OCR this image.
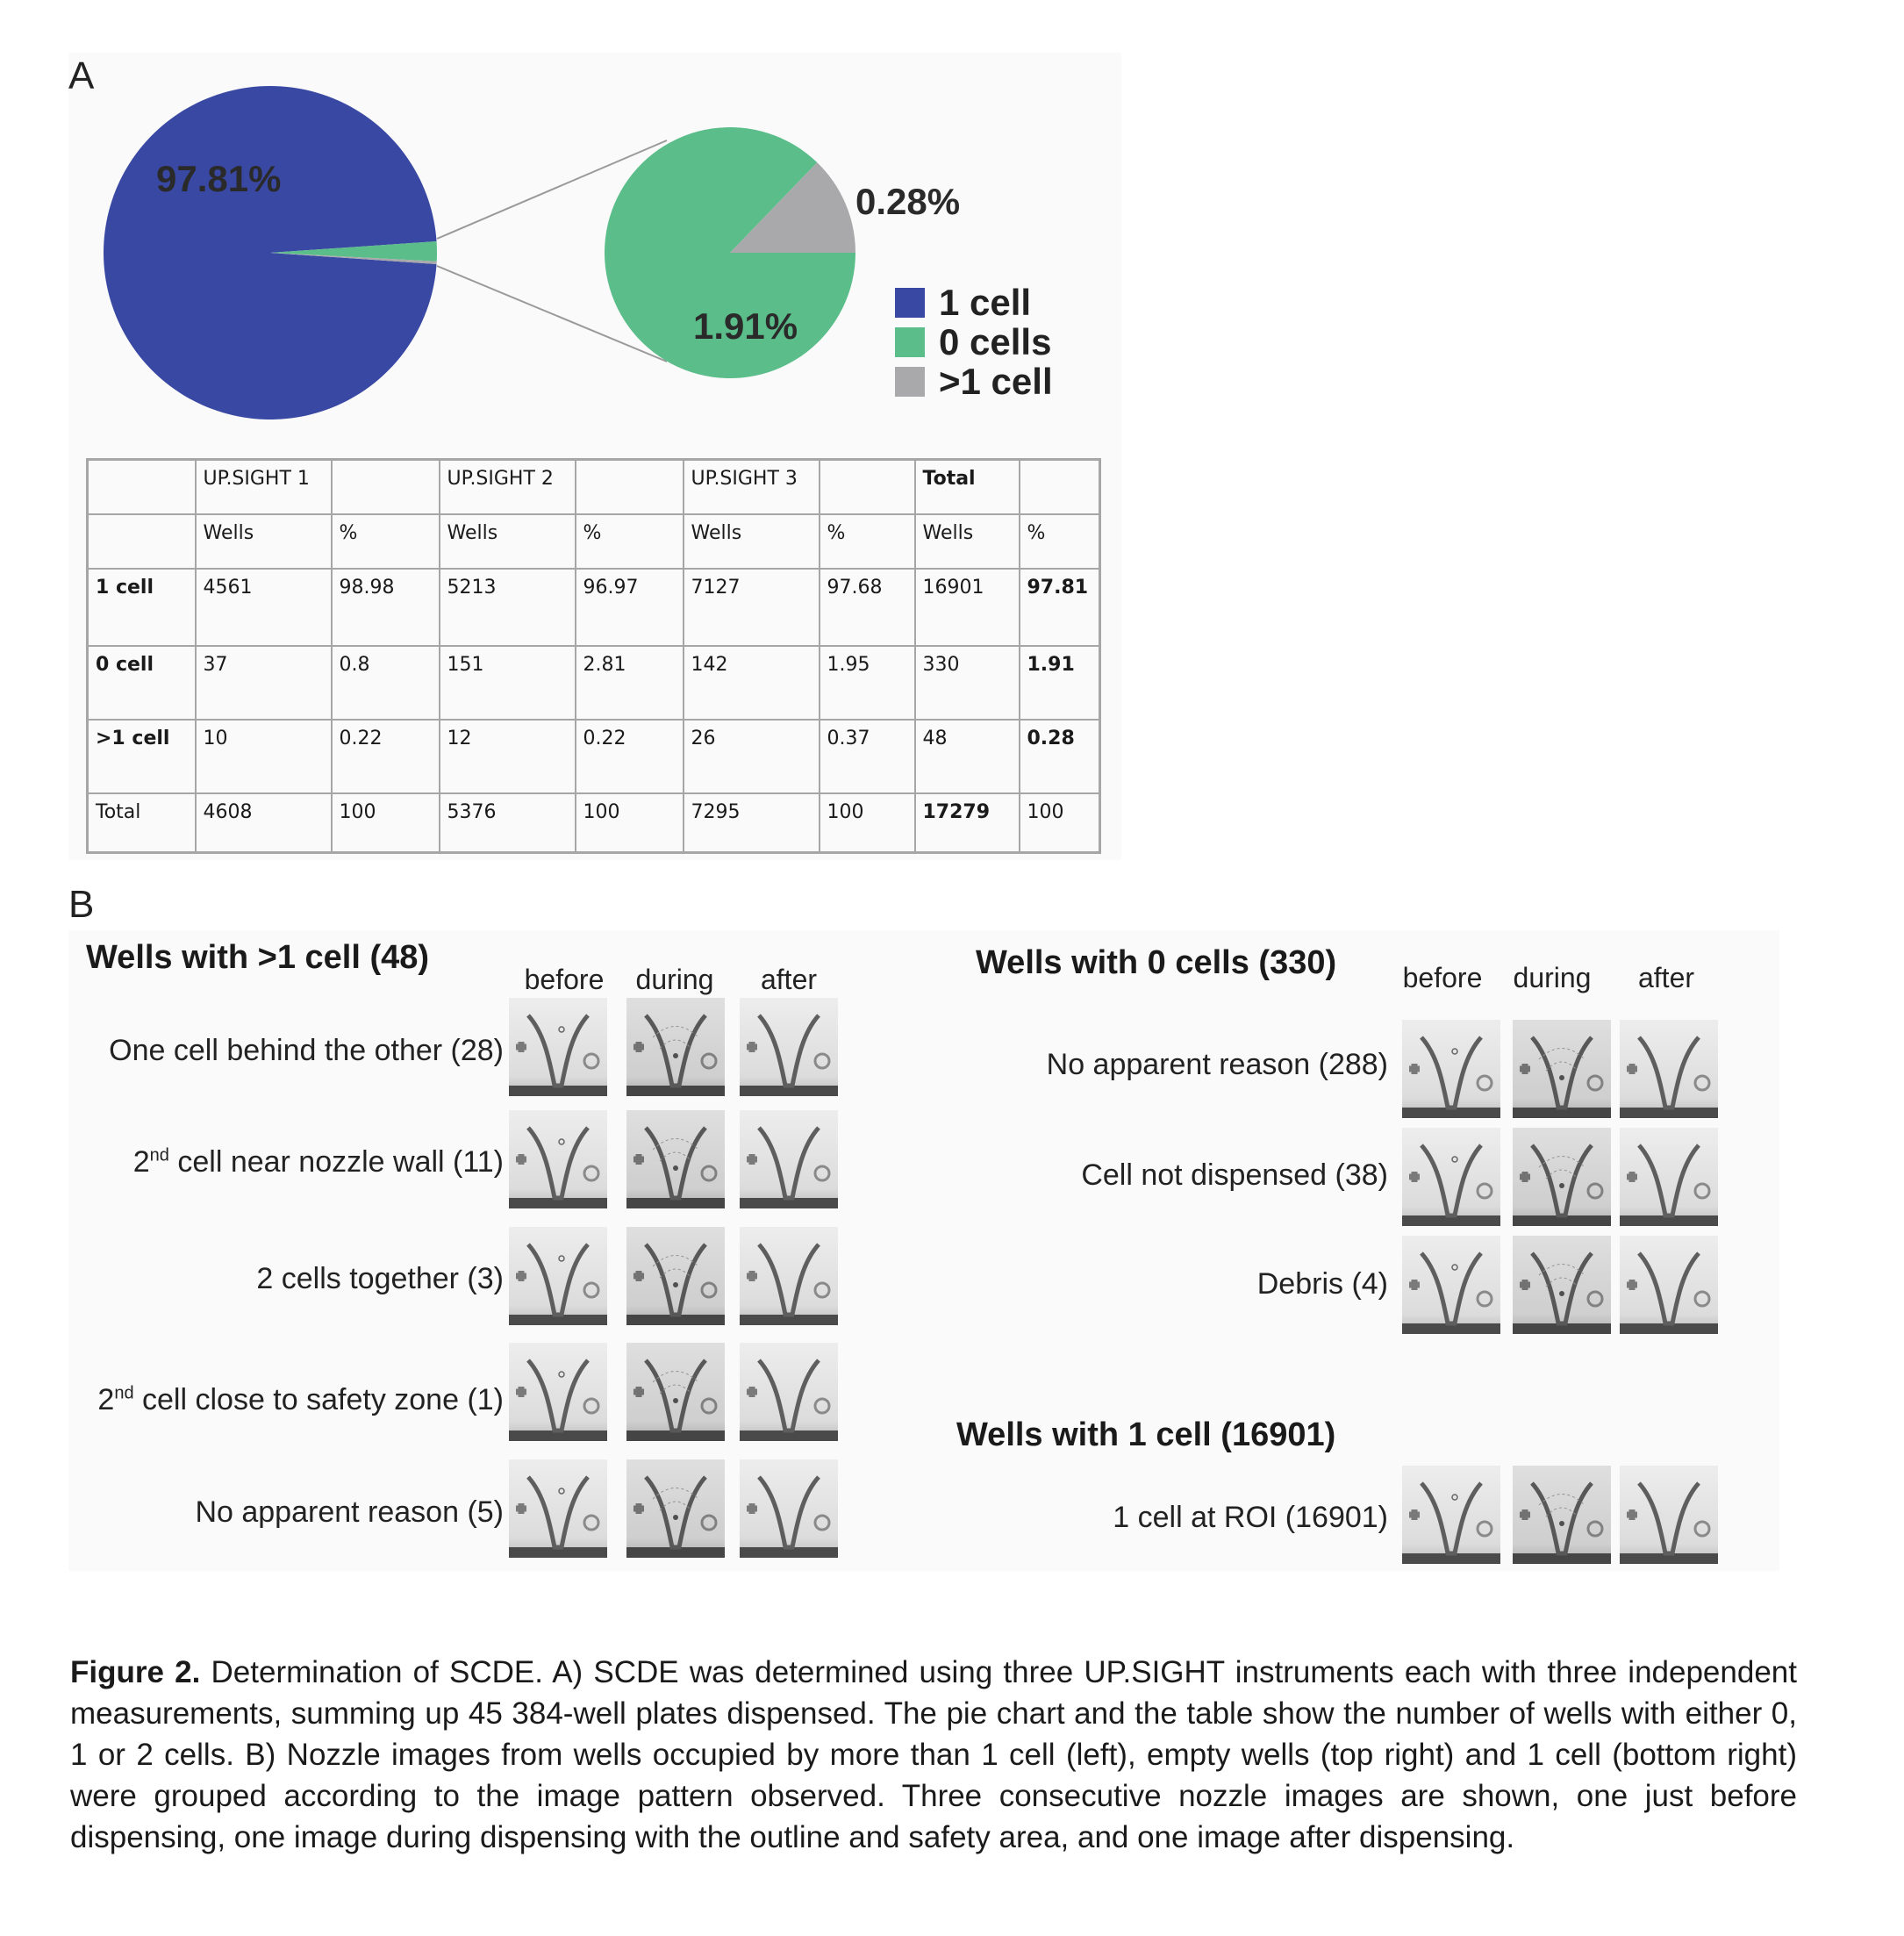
A
97.81%
1.91%
0.28%
1 cell
0 cells
>1 cell
	UP.SIGHT 1		UP.SIGHT 2		UP.SIGHT 3		Total	
	Wells	%	Wells	%	Wells	%	Wells	%
1 cell	4561	98.98	5213	96.97	7127	97.68	16901	97.81
0 cell	37	0.8	151	2.81	142	1.95	330	1.91
>1 cell	10	0.22	12	0.22	26	0.37	48	0.28
Total	4608	100	5376	100	7295	100	17279	100
B
Wells with >1 cell (48)	Wells with 0 cells (330)
Wells with 1 cell (16901)
before	during	after	before	during	after
One cell behind the other (28)
2nd cell near nozzle wall (11)
2 cells together (3)
2nd cell close to safety zone (1)
No apparent reason (5)
No apparent reason (288)
Cell not dispensed (38)
Debris (4)
1 cell at ROI (16901)
Figure 2. Determination of SCDE. A) SCDE was determined using three UP.SIGHT instruments each with three independent measurements, summing up 45 384-well plates dispensed. The pie chart and the table show the number of wells with either 0, 1 or 2 cells. B) Nozzle images from wells occupied by more than 1 cell (left), empty wells (top right) and 1 cell (bottom right) were grouped according to the image pattern observed. Three consecutive nozzle images are shown, one just before dispensing, one image during dispensing with the outline and safety area, and one image after dispensing.
